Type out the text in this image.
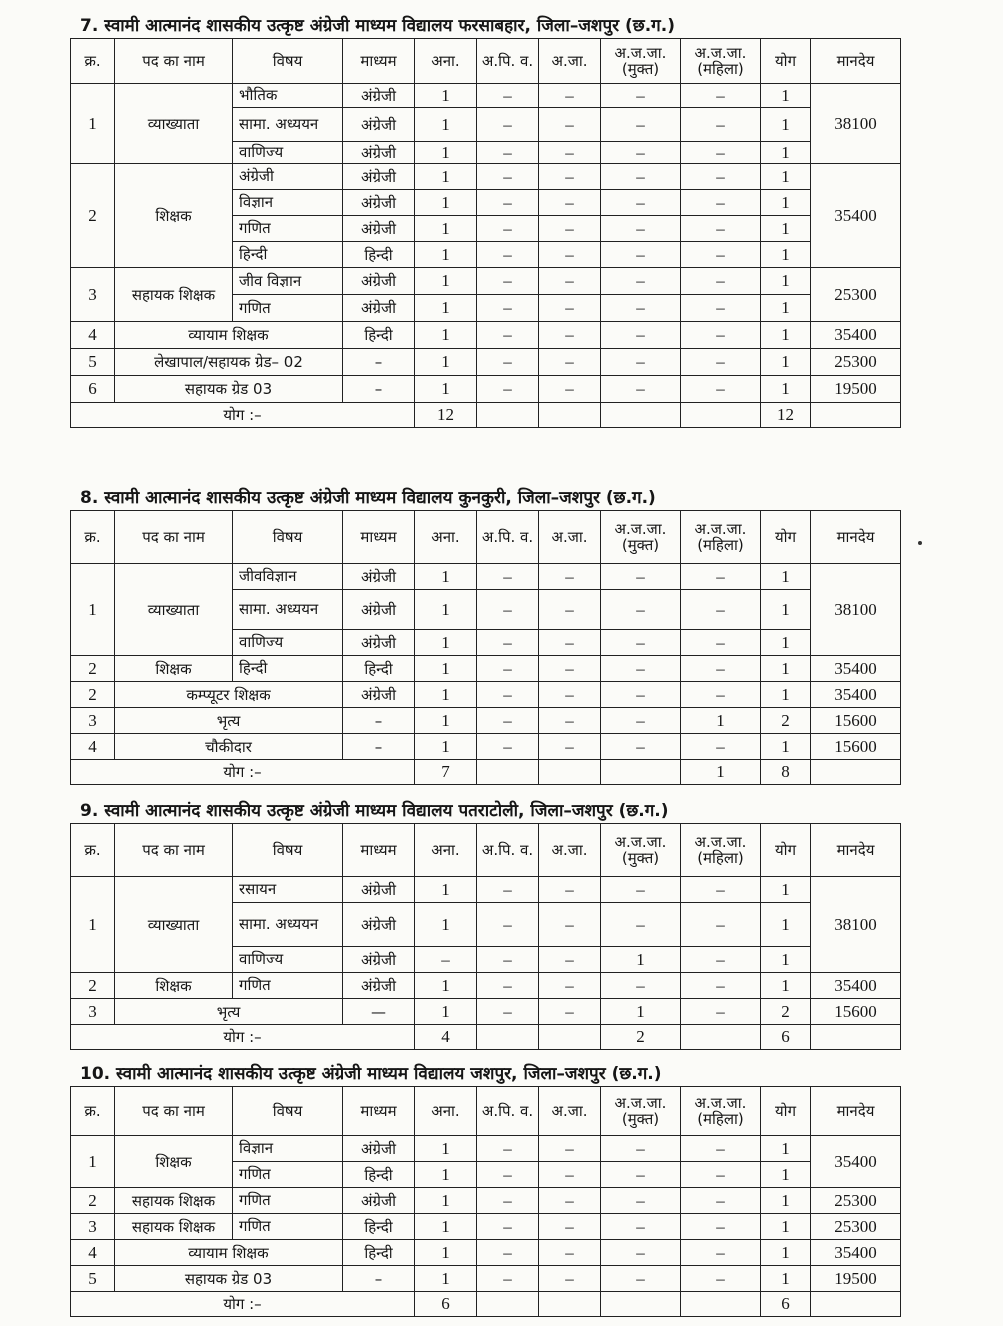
7. स्वामी आत्मानंद शासकीय उत्कृष्ट अंग्रेजी माध्यम विद्यालय फरसाबहार, जिला–जशपुर (छ.ग.)
क्र.	पद का नाम	विषय	माध्यम	अना.	अ.पि. व.	अ.जा.	अ.ज.जा. (मुक्त)	अ.ज.जा. (महिला)	योग	मानदेय
1	व्याख्याता	भौतिक	अंग्रेजी	1	–	–	–	–	1	38100
		सामा. अध्ययन	अंग्रेजी	1	–	–	–	–	1	
		वाणिज्य	अंग्रेजी	1	–	–	–	–	1	
2	शिक्षक	अंग्रेजी	अंग्रेजी	1	–	–	–	–	1	35400
		विज्ञान	अंग्रेजी	1	–	–	–	–	1	
		गणित	अंग्रेजी	1	–	–	–	–	1	
		हिन्दी	हिन्दी	1	–	–	–	–	1	
3	सहायक शिक्षक	जीव विज्ञान	अंग्रेजी	1	–	–	–	–	1	25300
		गणित	अंग्रेजी	1	–	–	–	–	1	
4	व्यायाम शिक्षक		हिन्दी	1	–	–	–	–	1	35400
5	लेखापाल/सहायक ग्रेड– 02		–	1	–	–	–	–	1	25300
6	सहायक ग्रेड 03		–	1	–	–	–	–	1	19500
योग :–				12					12	
8. स्वामी आत्मानंद शासकीय उत्कृष्ट अंग्रेजी माध्यम विद्यालय कुनकुरी, जिला–जशपुर (छ.ग.)
क्र.	पद का नाम	विषय	माध्यम	अना.	अ.पि. व.	अ.जा.	अ.ज.जा. (मुक्त)	अ.ज.जा. (महिला)	योग	मानदेय
1	व्याख्याता	जीवविज्ञान	अंग्रेजी	1	–	–	–	–	1	38100
		सामा. अध्ययन	अंग्रेजी	1	–	–	–	–	1	
		वाणिज्य	अंग्रेजी	1	–	–	–	–	1	
2	शिक्षक	हिन्दी	हिन्दी	1	–	–	–	–	1	35400
2	कम्प्यूटर शिक्षक		अंग्रेजी	1	–	–	–	–	1	35400
3	भृत्य		–	1	–	–	–	1	2	15600
4	चौकीदार		–	1	–	–	–	–	1	15600
योग :–				7				1	8	
9. स्वामी आत्मानंद शासकीय उत्कृष्ट अंग्रेजी माध्यम विद्यालय पतराटोली, जिला–जशपुर (छ.ग.)
क्र.	पद का नाम	विषय	माध्यम	अना.	अ.पि. व.	अ.जा.	अ.ज.जा. (मुक्त)	अ.ज.जा. (महिला)	योग	मानदेय
1	व्याख्याता	रसायन	अंग्रेजी	1	–	–	–	–	1	38100
		सामा. अध्ययन	अंग्रेजी	1	–	–	–	–	1	
		वाणिज्य	अंग्रेजी	–	–	–	1	–	1	
2	शिक्षक	गणित	अंग्रेजी	1	–	–	–	–	1	35400
3	भृत्य		—	1	–	–	1	–	2	15600
योग :–				4			2		6	
10. स्वामी आत्मानंद शासकीय उत्कृष्ट अंग्रेजी माध्यम विद्यालय जशपुर, जिला–जशपुर (छ.ग.)
क्र.	पद का नाम	विषय	माध्यम	अना.	अ.पि. व.	अ.जा.	अ.ज.जा. (मुक्त)	अ.ज.जा. (महिला)	योग	मानदेय
1	शिक्षक	विज्ञान	अंग्रेजी	1	–	–	–	–	1	35400
		गणित	हिन्दी	1	–	–	–	–	1	
2	सहायक शिक्षक	गणित	अंग्रेजी	1	–	–	–	–	1	25300
3	सहायक शिक्षक	गणित	हिन्दी	1	–	–	–	–	1	25300
4	व्यायाम शिक्षक		हिन्दी	1	–	–	–	–	1	35400
5	सहायक ग्रेड 03		–	1	–	–	–	–	1	19500
योग :–				6					6	
